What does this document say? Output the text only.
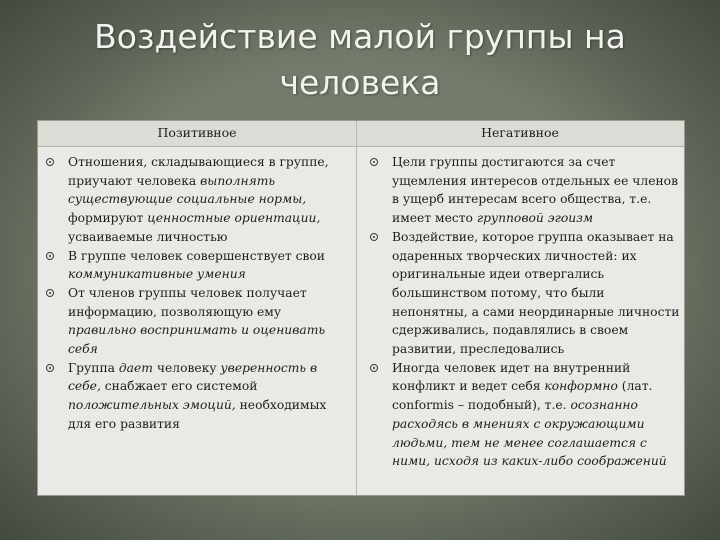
Воздействие малой группы на
человека
Позитивное	Негативное
Отношения, складывающиеся в группе, приучают человека выполнять существующие социальные нормы, формируют ценностные ориентации, усваиваемые личностью
В группе человек совершенствует свои коммуникативные умения
От членов группы человек получает информацию, позволяющую ему правильно воспринимать и оценивать себя
Группа дает человеку уверенность в себе, снабжает его системой положительных эмоций, необходимых для его развития
Цели группы достигаются за счет ущемления интересов отдельных ее членов в ущерб интересам всего общества, т.е. имеет место групповой эгоизм
Воздействие, которое группа оказывает на одаренных творческих личностей: их оригинальные идеи отвергались большинством потому, что были непонятны, а сами неординарные личности сдерживались, подавлялись в своем развитии, преследовались
Иногда человек идет на внутренний конфликт и ведет себя конформно (лат. conformis – подобный), т.е. осознанно расходясь в мнениях с окружающими людьми, тем не менее соглашается с ними, исходя из каких-либо соображений
